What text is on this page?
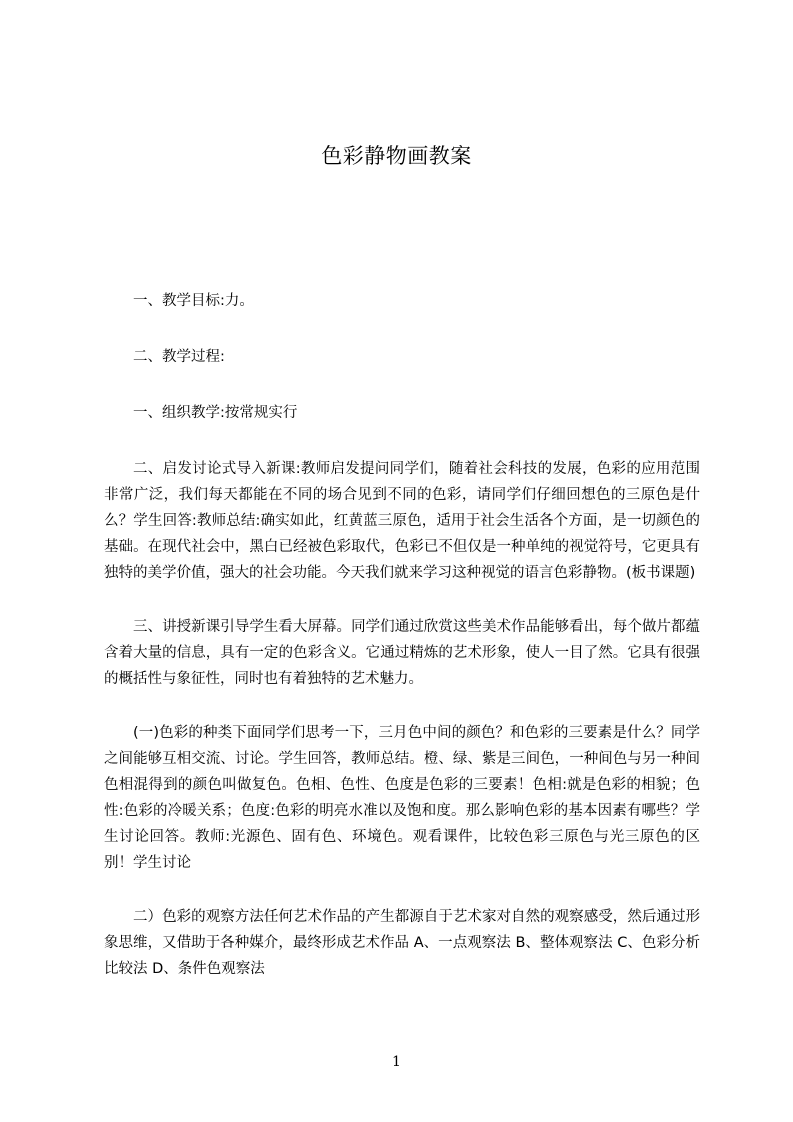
色彩静物画教案

一、教学目标:力。

二、教学过程:

一、组织教学:按常规实行

二、启发讨论式导入新课:教师启发提问同学们，随着社会科技的发展，色彩的应用范围非常广泛，我们每天都能在不同的场合见到不同的色彩，请同学们仔细回想色的三原色是什么？学生回答:教师总结:确实如此，红黄蓝三原色，适用于社会生活各个方面，是一切颜色的基础。在现代社会中，黑白已经被色彩取代，色彩已不但仅是一种单纯的视觉符号，它更具有独特的美学价值，强大的社会功能。今天我们就来学习这种视觉的语言色彩静物。(板书课题)

三、讲授新课引导学生看大屏幕。同学们通过欣赏这些美术作品能够看出，每个做片都蕴含着大量的信息，具有一定的色彩含义。它通过精炼的艺术形象，使人一目了然。它具有很强的概括性与象征性，同时也有着独特的艺术魅力。

(一)色彩的种类下面同学们思考一下，三月色中间的颜色？和色彩的三要素是什么？同学之间能够互相交流、讨论。学生回答，教师总结。橙、绿、紫是三间色，一种间色与另一种间色相混得到的颜色叫做复色。色相、色性、色度是色彩的三要素！色相:就是色彩的相貌；色性:色彩的冷暖关系；色度:色彩的明亮水准以及饱和度。那么影响色彩的基本因素有哪些？学生讨论回答。教师:光源色、固有色、环境色。观看课件，比较色彩三原色与光三原色的区别！学生讨论

二）色彩的观察方法任何艺术作品的产生都源自于艺术家对自然的观察感受，然后通过形象思维，又借助于各种媒介，最终形成艺术作品 A、一点观察法 B、整体观察法 C、色彩分析比较法 D、条件色观察法

1
